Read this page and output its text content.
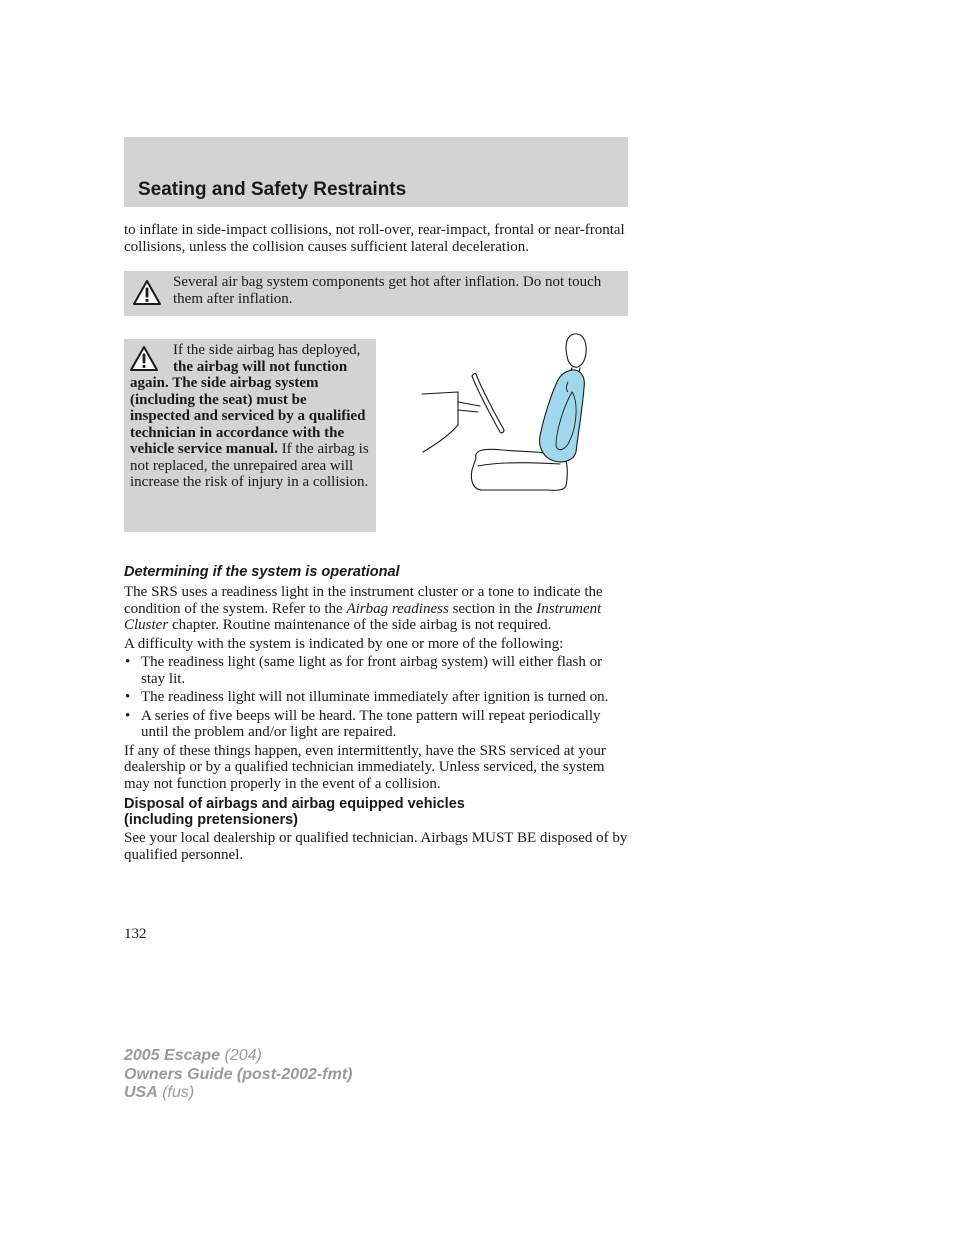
Seating and Safety Restraints

to inflate in side-impact collisions, not roll-over, rear-impact, frontal or near-frontal collisions, unless the collision causes sufficient lateral deceleration.

Several air bag system components get hot after inflation. Do not touch them after inflation.

If the side airbag has deployed, the airbag will not function again. The side airbag system (including the seat) must be inspected and serviced by a qualified technician in accordance with the vehicle service manual. If the airbag is not replaced, the unrepaired area will increase the risk of injury in a collision.

Determining if the system is operational

The SRS uses a readiness light in the instrument cluster or a tone to indicate the condition of the system. Refer to the Airbag readiness section in the Instrument Cluster chapter. Routine maintenance of the side airbag is not required.

A difficulty with the system is indicated by one or more of the following:

• The readiness light (same light as for front airbag system) will either flash or stay lit.
• The readiness light will not illuminate immediately after ignition is turned on.
• A series of five beeps will be heard. The tone pattern will repeat periodically until the problem and/or light are repaired.

If any of these things happen, even intermittently, have the SRS serviced at your dealership or by a qualified technician immediately. Unless serviced, the system may not function properly in the event of a collision.

Disposal of airbags and airbag equipped vehicles
(including pretensioners)

See your local dealership or qualified technician. Airbags MUST BE disposed of by qualified personnel.

132

2005 Escape (204)
Owners Guide (post-2002-fmt)
USA (fus)
